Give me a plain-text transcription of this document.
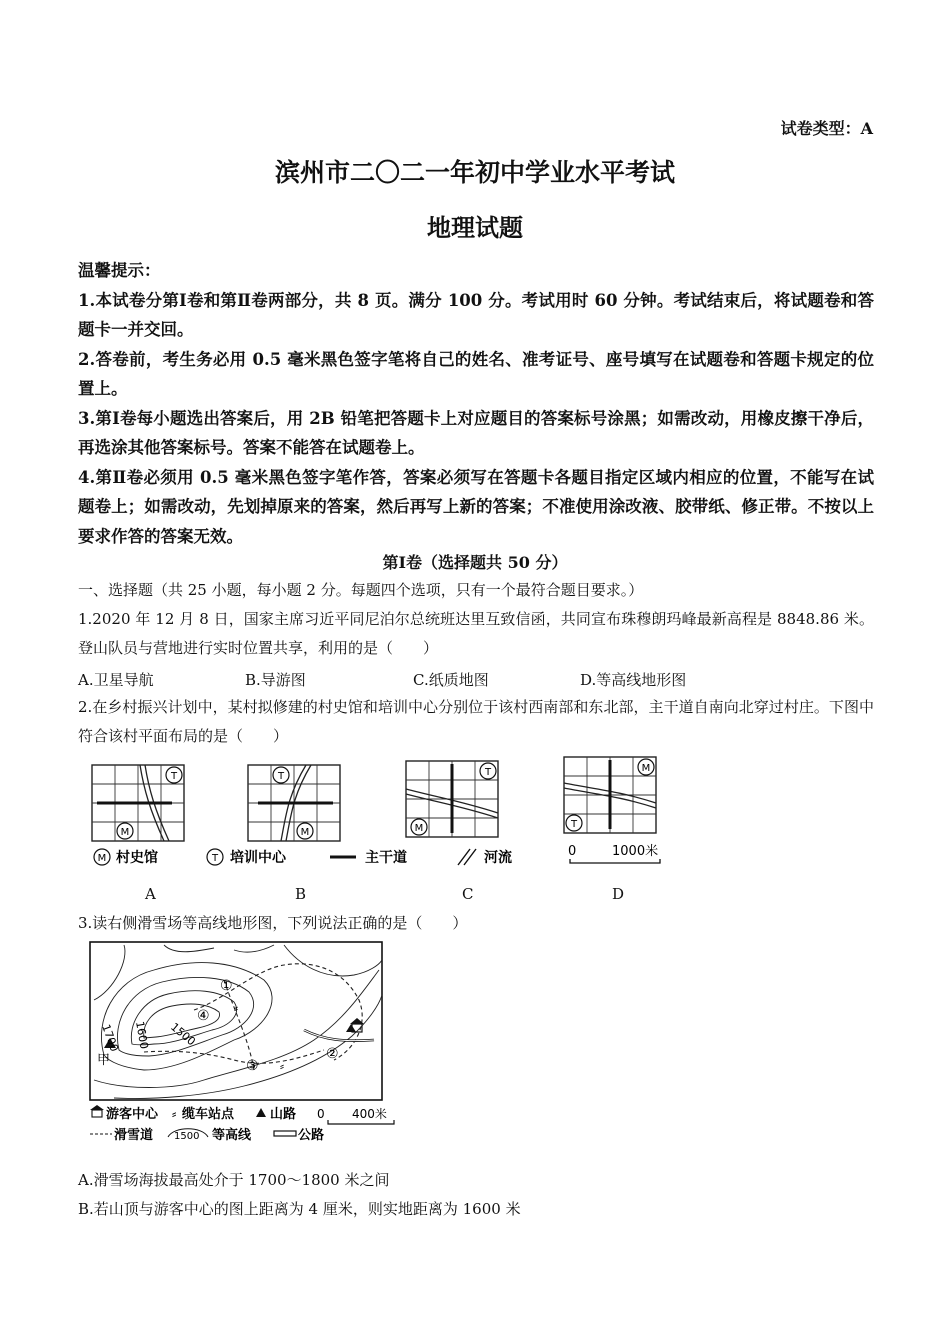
试卷类型：A
滨州市二〇二一年初中学业水平考试
地理试题

温馨提示：

1.本试卷分第Ⅰ卷和第Ⅱ卷两部分，共 8 页。满分 100 分。考试用时 60 分钟。考试结束后，将试题卷和答题卡一并交回。

2.答卷前，考生务必用 0.5 毫米黑色签字笔将自己的姓名、准考证号、座号填写在试题卷和答题卡规定的位置上。

3.第Ⅰ卷每小题选出答案后，用 2B 铅笔把答题卡上对应题目的答案标号涂黑；如需改动，用橡皮擦干净后，再选涂其他答案标号。答案不能答在试题卷上。

4.第Ⅱ卷必须用 0.5 毫米黑色签字笔作答，答案必须写在答题卡各题目指定区域内相应的位置，不能写在试题卷上；如需改动，先划掉原来的答案，然后再写上新的答案；不准使用涂改液、胶带纸、修正带。不按以上要求作答的答案无效。

第Ⅰ卷（选择题共 50 分）
一、选择题（共 25 小题，每小题 2 分。每题四个选项，只有一个最符合题目要求。）
1.2020 年 12 月 8 日，国家主席习近平同尼泊尔总统班达里互致信函，共同宣布珠穆朗玛峰最新高程是 8848.86 米。登山队员与营地进行实时位置共享，利用的是（　　）
A.卫星导航	B.导游图	C.纸质地图	D.等高线地形图
2.在乡村振兴计划中，某村拟修建的村史馆和培训中心分别位于该村西南部和东北部，主干道自南向北穿过村庄。下图中符合该村平面布局的是（　　）
T
M
T
M
T
M
M
T
M 村史馆	T 培训中心	主干道	河流	0	1000米
A	B	C	D
3.读右侧滑雪场等高线地形图，下列说法正确的是（　　）
①
②
③
④
甲
1700 1600 1500
⸗
⸗
游客中心 ⸗ 缆车站点	山路 0 400米
滑雪道 1500 等高线	公路
A.滑雪场海拔最高处介于 1700～1800 米之间
B.若山顶与游客中心的图上距离为 4 厘米，则实地距离为 1600 米
